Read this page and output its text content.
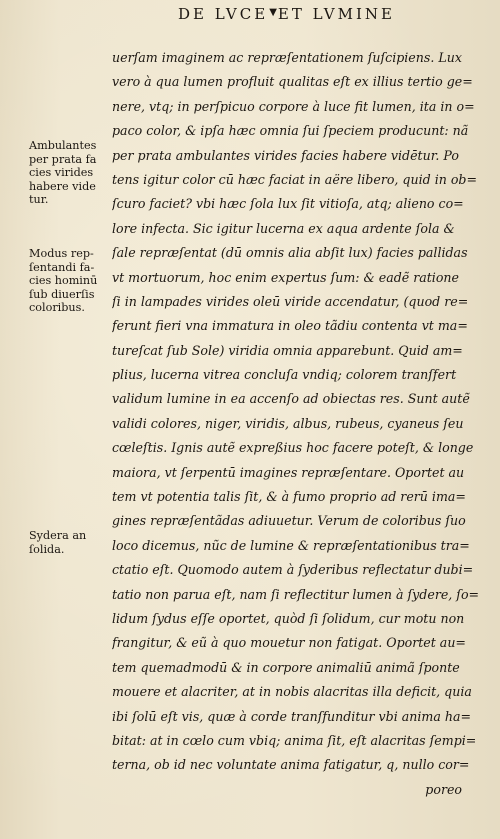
DE LVCE▼ET LVMINE
Ambulantes
per prata fa
cies virides
habere vide
tur.
Modus rep-
ſentandi fa-
cies hominū
ſub diuerſis
coloribus.
Sydera an
ſolida.
uerſam imaginem ac repræſentationem ſuſcipiens. Lux
vero à qua lumen profluit qualitas eſt ex illius tertio ge=
nere, vtq; in perſpicuo corpore à luce fit lumen, ita in o=
paco color, & ipſa hæc omnia ſui ſpeciem producunt: nã
per prata ambulantes virides facies habere vidētur. Po
tens igitur color cū hæc faciat in aëre libero, quid in ob=
ſcuro faciet? vbi hæc ſola lux ſit vitioſa, atq; alieno co=
lore infecta. Sic igitur lucerna ex aqua ardente ſola &
ſale repræſentat (dū omnis alia abſit lux) facies pallidas
vt mortuorum, hoc enim expertus ſum: & eadẽ ratione
ſi in lampades virides oleū viride accendatur, (quod re=
ferunt fieri vna immatura in oleo tãdiu contenta vt ma=
tureſcat ſub Sole) viridia omnia apparebunt. Quid am=
plius, lucerna vitrea concluſa vndiq; colorem tranſfert
validum lumine in ea accenſo ad obiectas res. Sunt autẽ
validi colores, niger, viridis, albus, rubeus, cyaneus ſeu
cœleſtis. Ignis autẽ expreßius hoc facere poteſt, & longe
maiora, vt ſerpentū imagines repræſentare. Oportet au
tem vt potentia talis ſit, & à fumo proprio ad rerū ima=
gines repræſentãdas adiuuetur. Verum de coloribus ſuo
loco dicemus, nũc de lumine & repræſentationibus tra=
ctatio eſt. Quomodo autem à ſyderibus reflectatur dubi=
tatio non parua eſt, nam ſi reflectitur lumen à ſydere, ſo=
lidum ſydus eſſe oportet, quòd ſi ſolidum, cur motu non
frangitur, & eũ à quo mouetur non fatigat. Oportet au=
tem quemadmodū & in corpore animaliū animã ſponte
mouere et alacriter, at in nobis alacritas illa deficit, quia
ibi ſolū eſt vis, quæ à corde tranſfunditur vbi anima ha=
bitat: at in cœlo cum vbiq; anima ſit, eſt alacritas ſempi=
terna, ob id nec voluntate anima fatigatur, q, nullo cor=
poreo
